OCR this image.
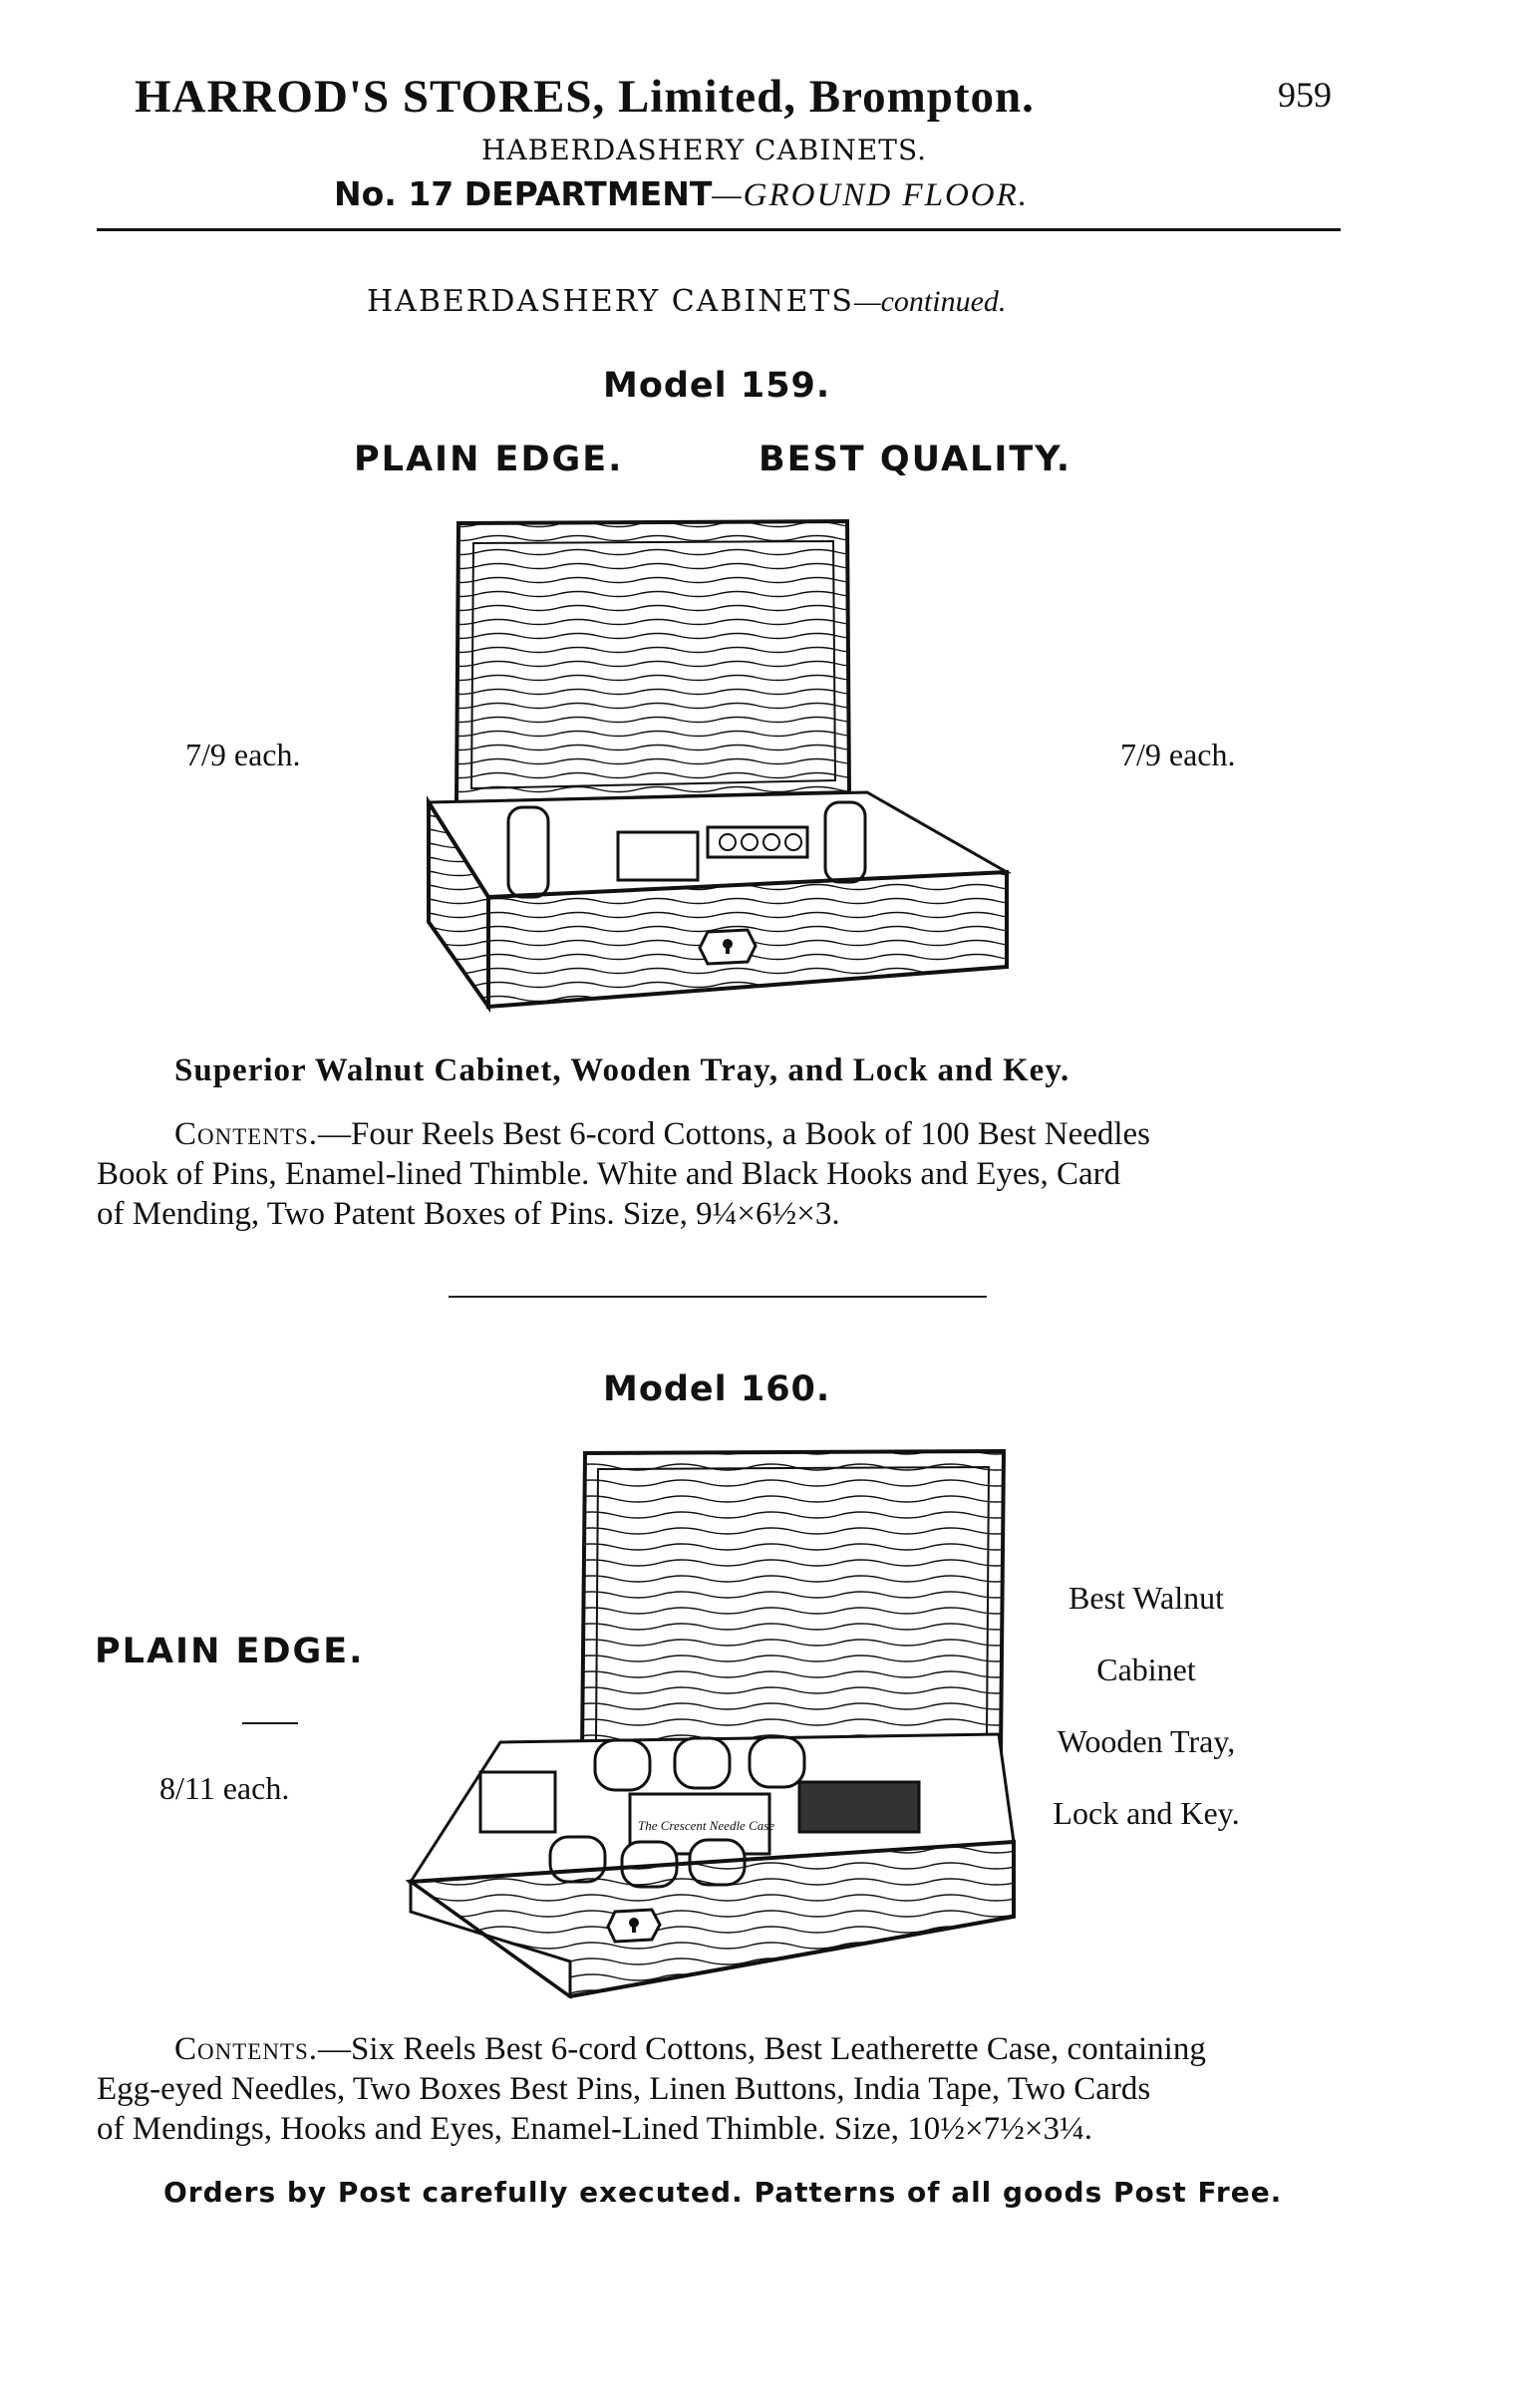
HARROD'S STORES, Limited, Brompton.	959
HABERDASHERY CABINETS.
No. 17 DEPARTMENT—GROUND FLOOR.
HABERDASHERY CABINETS—continued.
Model 159.
PLAIN EDGE.	BEST QUALITY.
7/9 each.	7/9 each.
Superior Walnut Cabinet, Wooden Tray, and Lock and Key.
Contents.—Four Reels Best 6-cord Cottons, a Book of 100 Best Needles
Book of Pins, Enamel-lined Thimble. White and Black Hooks and Eyes, Card
of Mending, Two Patent Boxes of Pins. Size, 9¼×6½×3.
Model 160.
PLAIN EDGE.
8/11 each.
The Crescent Needle Case
Best Walnut
Cabinet
Wooden Tray,
Lock and Key.
Contents.—Six Reels Best 6-cord Cottons, Best Leatherette Case, containing
Egg-eyed Needles, Two Boxes Best Pins, Linen Buttons, India Tape, Two Cards
of Mendings, Hooks and Eyes, Enamel-Lined Thimble. Size, 10½×7½×3¼.
Orders by Post carefully executed. Patterns of all goods Post Free.
